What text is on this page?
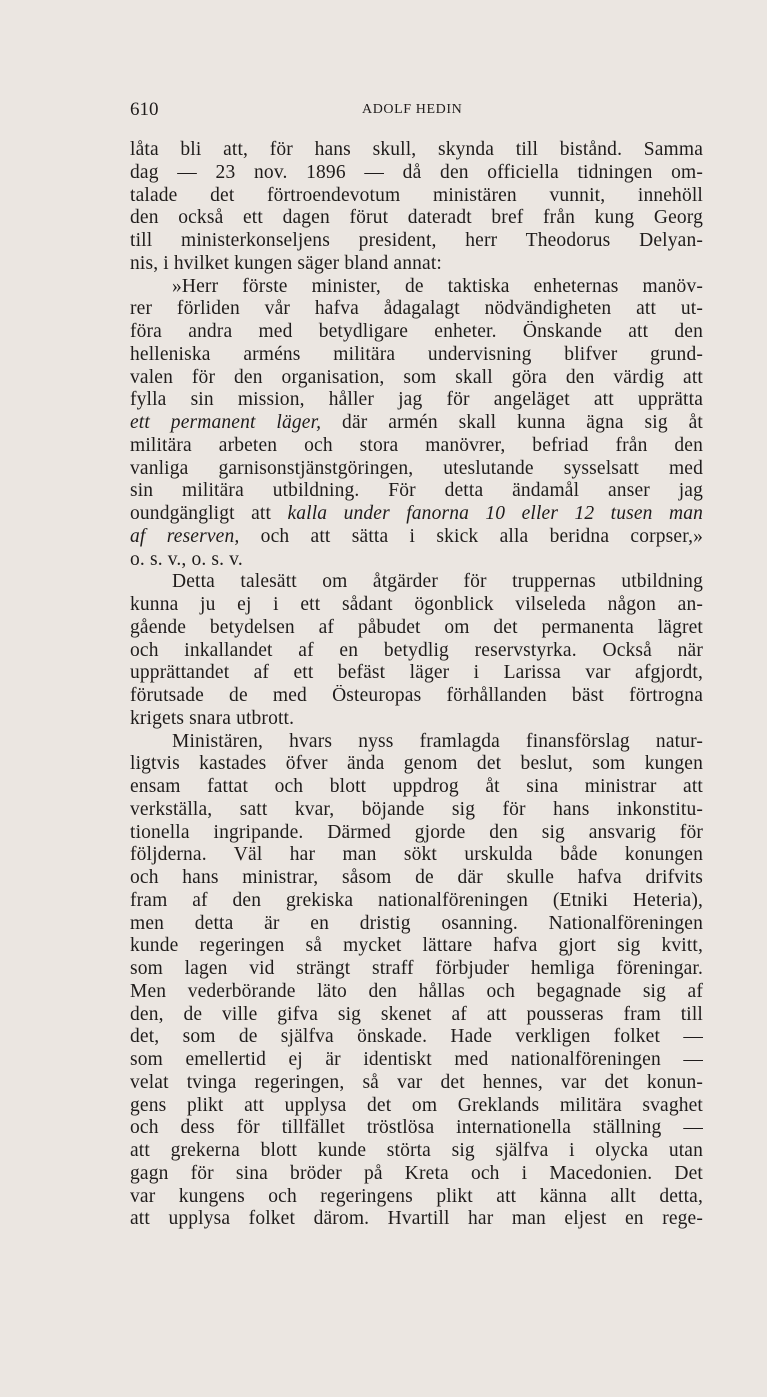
610	ADOLF HEDIN
låta bli att, för hans skull, skynda till bistånd. Samma
dag — 23 nov. 1896 — då den officiella tidningen om-
talade det förtroendevotum ministären vunnit, innehöll
den också ett dagen förut dateradt bref från kung Georg
till ministerkonseljens president, herr Theodorus Delyan-
nis, i hvilket kungen säger bland annat:
»Herr förste minister, de taktiska enheternas manöv-
rer förliden vår hafva ådagalagt nödvändigheten att ut-
föra andra med betydligare enheter. Önskande att den
helleniska arméns militära undervisning blifver grund-
valen för den organisation, som skall göra den värdig att
fylla sin mission, håller jag för angeläget att upprätta
ett permanent läger, där armén skall kunna ägna sig åt
militära arbeten och stora manövrer, befriad från den
vanliga garnisonstjänstgöringen, uteslutande sysselsatt med
sin militära utbildning. För detta ändamål anser jag
oundgängligt att kalla under fanorna 10 eller 12 tusen man
af reserven, och att sätta i skick alla beridna corpser,»
o. s. v., o. s. v.
Detta talesätt om åtgärder för truppernas utbildning
kunna ju ej i ett sådant ögonblick vilseleda någon an-
gående betydelsen af påbudet om det permanenta lägret
och inkallandet af en betydlig reservstyrka. Också när
upprättandet af ett befäst läger i Larissa var afgjordt,
förutsade de med Östeuropas förhållanden bäst förtrogna
krigets snara utbrott.
Ministären, hvars nyss framlagda finansförslag natur-
ligtvis kastades öfver ända genom det beslut, som kungen
ensam fattat och blott uppdrog åt sina ministrar att
verkställa, satt kvar, böjande sig för hans inkonstitu-
tionella ingripande. Därmed gjorde den sig ansvarig för
följderna. Väl har man sökt urskulda både konungen
och hans ministrar, såsom de där skulle hafva drifvits
fram af den grekiska nationalföreningen (Etniki Heteria),
men detta är en dristig osanning. Nationalföreningen
kunde regeringen så mycket lättare hafva gjort sig kvitt,
som lagen vid strängt straff förbjuder hemliga föreningar.
Men vederbörande läto den hållas och begagnade sig af
den, de ville gifva sig skenet af att pousseras fram till
det, som de själfva önskade. Hade verkligen folket —
som emellertid ej är identiskt med nationalföreningen —
velat tvinga regeringen, så var det hennes, var det konun-
gens plikt att upplysa det om Greklands militära svaghet
och dess för tillfället tröstlösa internationella ställning —
att grekerna blott kunde störta sig själfva i olycka utan
gagn för sina bröder på Kreta och i Macedonien. Det
var kungens och regeringens plikt att känna allt detta,
att upplysa folket därom. Hvartill har man eljest en rege-
